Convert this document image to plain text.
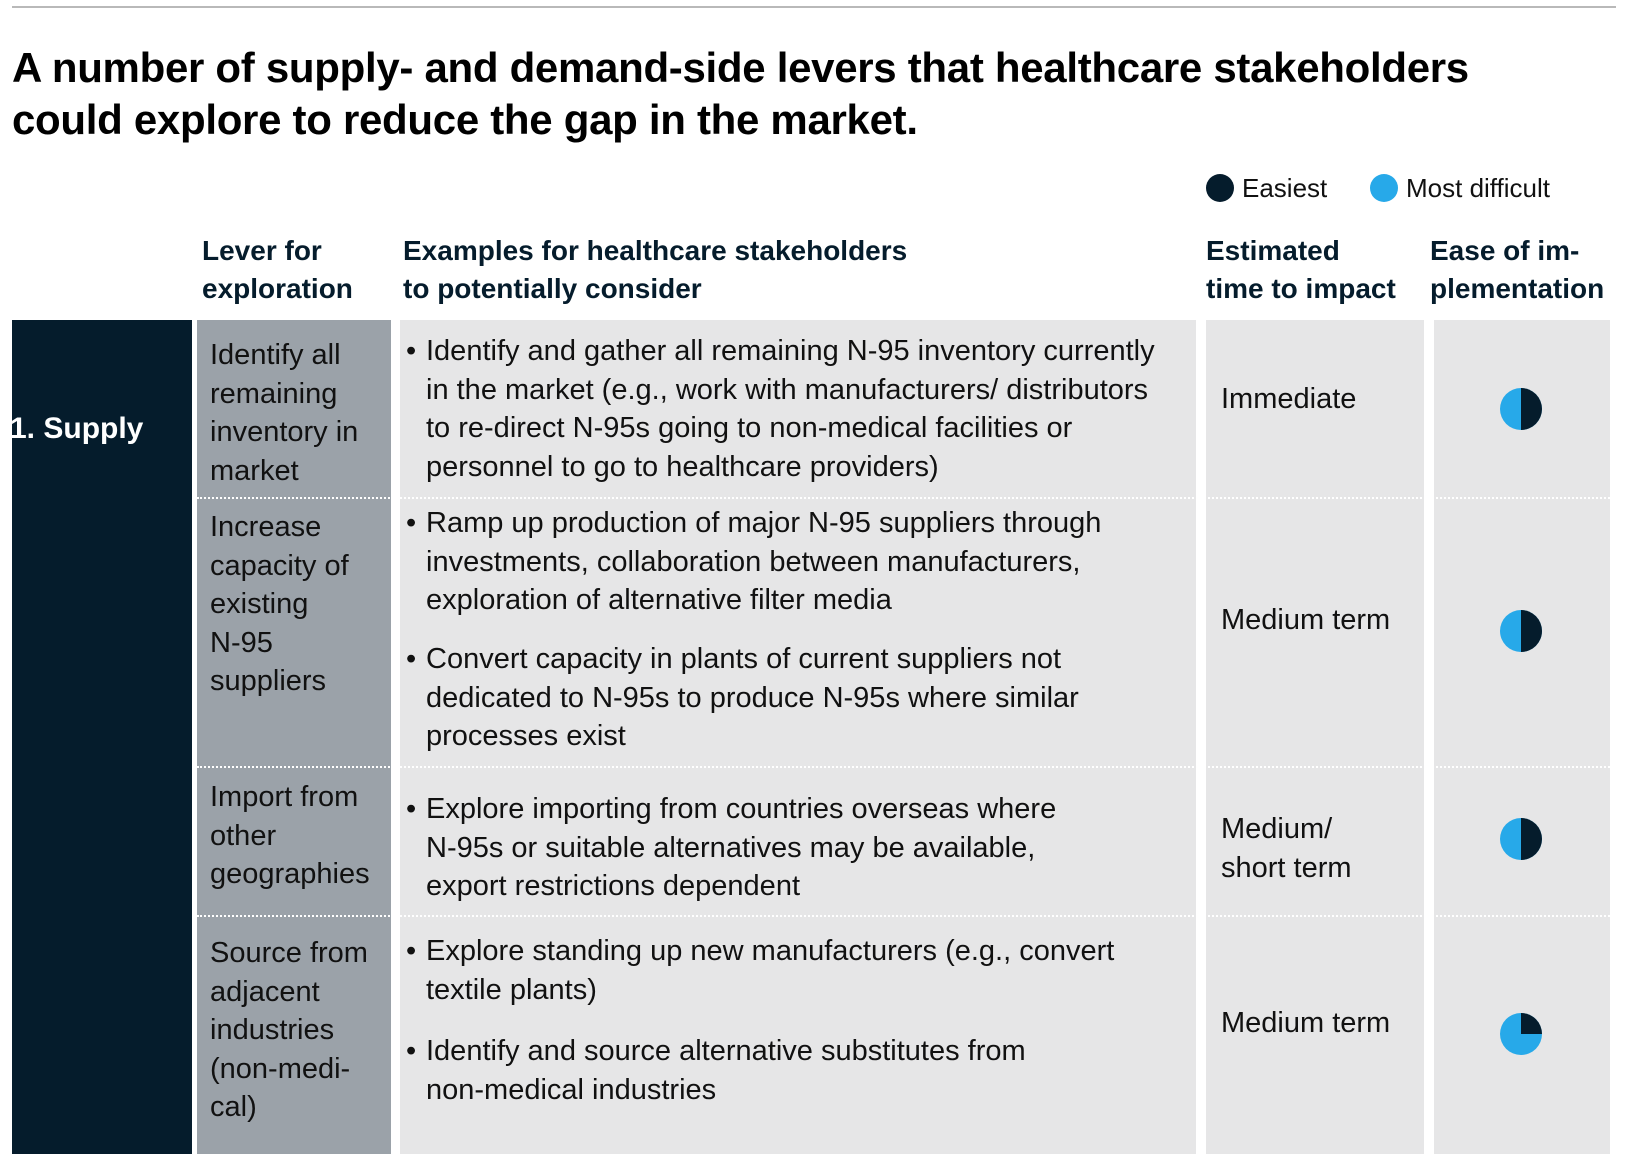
A number of supply- and demand-side levers that healthcare stakeholders
could explore to reduce the gap in the market.
Easiest	Most difficult
Lever for
exploration
Examples for healthcare stakeholders
to potentially consider
Estimated
time to impact
Ease of im-
plementation
1. Supply
Identify all
remaining
inventory in
market
• Identify and gather all remaining N-95 inventory currently
in the market (e.g., work with manufacturers/ distributors
to re-direct N-95s going to non-medical facilities or
personnel to go to healthcare providers)
Immediate
Increase
capacity of
existing
N-95
suppliers
• Ramp up production of major N-95 suppliers through
investments, collaboration between manufacturers,
exploration of alternative filter media
• Convert capacity in plants of current suppliers not
dedicated to N-95s to produce N-95s where similar
processes exist
Medium term
Import from
other
geographies
• Explore importing from countries overseas where
N-95s or suitable alternatives may be available,
export restrictions dependent
Medium/
short term
Source from
adjacent
industries
(non-medi-
cal)
• Explore standing up new manufacturers (e.g., convert
textile plants)
• Identify and source alternative substitutes from
non-medical industries
Medium term
